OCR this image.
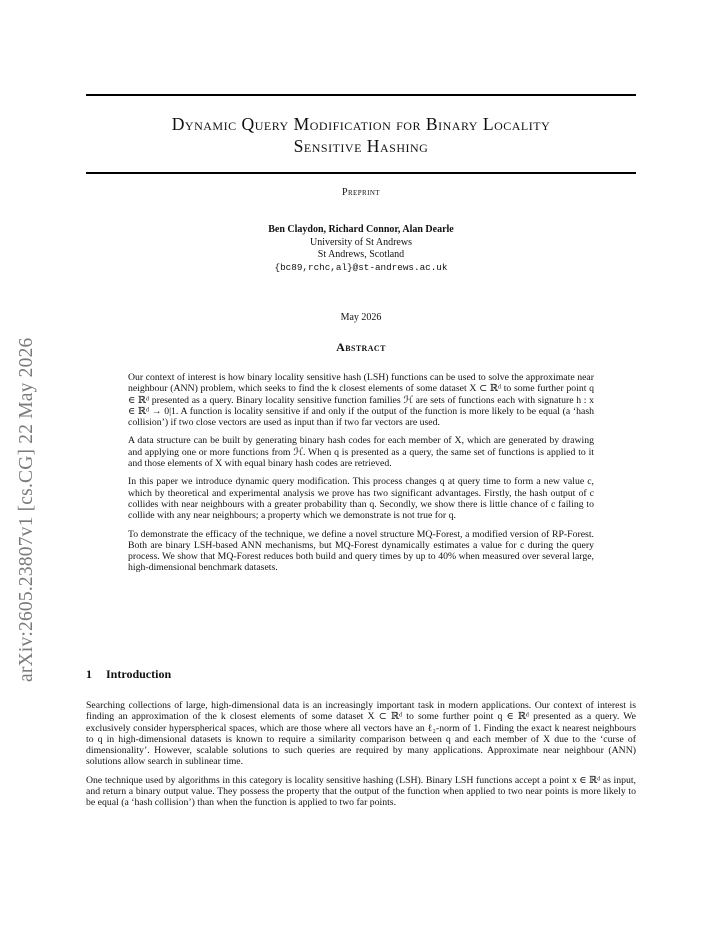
arXiv:2605.23807v1 [cs.CG] 22 May 2026
Dynamic Query Modification for Binary Locality
Sensitive Hashing
Preprint
Ben Claydon, Richard Connor, Alan Dearle
University of St Andrews
St Andrews, Scotland
{bc89,rchc,al}@st-andrews.ac.uk
May 2026
Abstract

Our context of interest is how binary locality sensitive hash (LSH) functions can be used to solve the approximate near neighbour (ANN) problem, which seeks to find the k closest elements of some dataset X ⊂ ℝᵈ to some further point q ∈ ℝᵈ presented as a query. Binary locality sensitive function families ℋ are sets of functions each with signature h : x ∈ ℝᵈ → 0|1. A function is locality sensitive if and only if the output of the function is more likely to be equal (a ‘hash collision’) if two close vectors are used as input than if two far vectors are used.

A data structure can be built by generating binary hash codes for each member of X, which are generated by drawing and applying one or more functions from ℋ. When q is presented as a query, the same set of functions is applied to it and those elements of X with equal binary hash codes are retrieved.

In this paper we introduce dynamic query modification. This process changes q at query time to form a new value c, which by theoretical and experimental analysis we prove has two significant advantages. Firstly, the hash output of c collides with near neighbours with a greater probability than q. Secondly, we show there is little chance of c failing to collide with any near neighbours; a property which we demonstrate is not true for q.

To demonstrate the efficacy of the technique, we define a novel structure MQ-Forest, a modified version of RP-Forest. Both are binary LSH-based ANN mechanisms, but MQ-Forest dynamically estimates a value for c during the query process. We show that MQ-Forest reduces both build and query times by up to 40% when measured over several large, high-dimensional benchmark datasets.

1 Introduction

Searching collections of large, high-dimensional data is an increasingly important task in modern applications. Our context of interest is finding an approximation of the k closest elements of some dataset X ⊂ ℝᵈ to some further point q ∈ ℝᵈ presented as a query. We exclusively consider hyperspherical spaces, which are those where all vectors have an ℓ₂-norm of 1. Finding the exact k nearest neighbours to q in high-dimensional datasets is known to require a similarity comparison between q and each member of X due to the ‘curse of dimensionality’. However, scalable solutions to such queries are required by many applications. Approximate near neighbour (ANN) solutions allow search in sublinear time.

One technique used by algorithms in this category is locality sensitive hashing (LSH). Binary LSH functions accept a point x ∈ ℝᵈ as input, and return a binary output value. They possess the property that the output of the function when applied to two near points is more likely to be equal (a ‘hash collision’) than when the function is applied to two far points.
